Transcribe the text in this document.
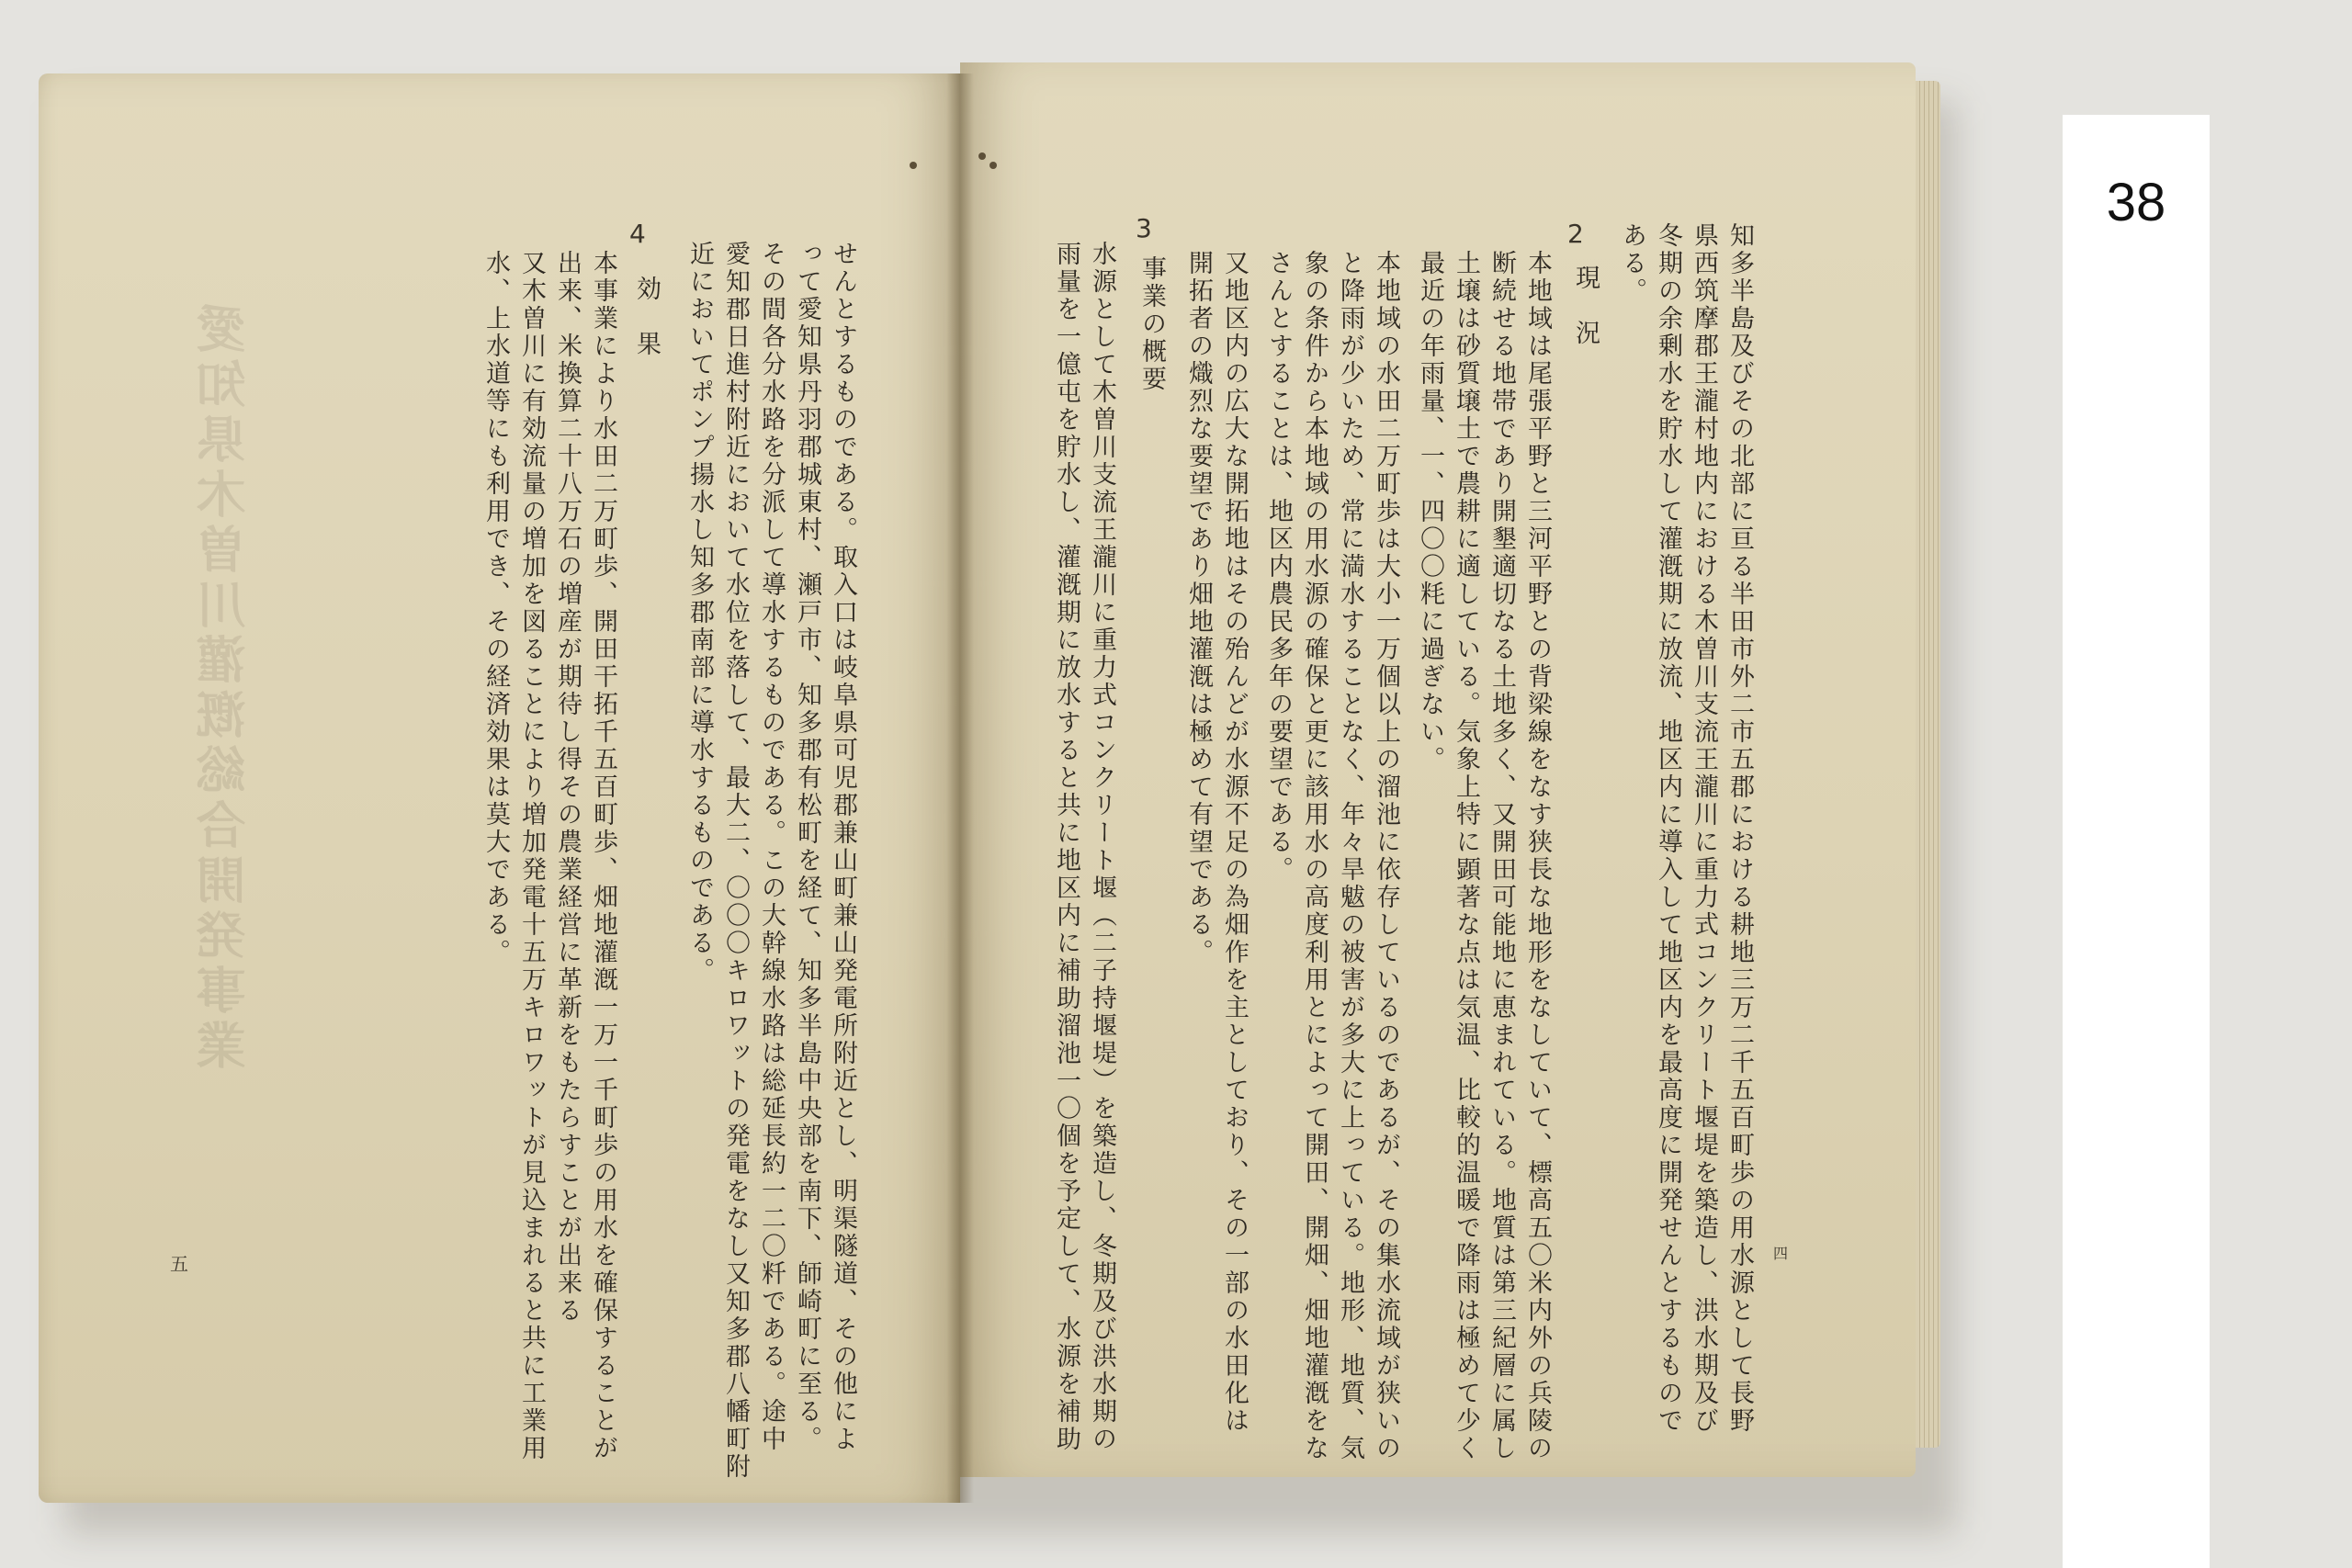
愛知県木曽川灌漑総合開発事業	知多半島及びその北部に亘る半田市外二市五郡における耕地三万二千五百町歩の用水源として長野
県西筑摩郡王瀧村地内における木曽川支流王瀧川に重力式コンクリート堰堤を築造し、洪水期及び
冬期の余剰水を貯水して灌漑期に放流、地区内に導入して地区内を最高度に開発せんとするもので
ある。
2
現　況
本地域は尾張平野と三河平野との背梁線をなす狭長な地形をなしていて、標高五〇米内外の兵陵の
断続せる地帯であり開墾適切なる土地多く、又開田可能地に恵まれている。地質は第三紀層に属し
土壌は砂質壌土で農耕に適している。気象上特に顕著な点は気温、比較的温暖で降雨は極めて少く
最近の年雨量、一、四〇〇粍に過ぎない。
本地域の水田二万町歩は大小一万個以上の溜池に依存しているのであるが、その集水流域が狭いの
と降雨が少いため、常に満水することなく、年々旱魃の被害が多大に上っている。地形、地質、気
象の条件から本地域の用水源の確保と更に該用水の高度利用とによって開田、開畑、畑地灌漑をな
さんとすることは、地区内農民多年の要望である。
又地区内の広大な開拓地はその殆んどが水源不足の為畑作を主としており、その一部の水田化は
開拓者の熾烈な要望であり畑地灌漑は極めて有望である。
3
事業の概要
水源として木曽川支流王瀧川に重力式コンクリート堰（二子持堰堤）を築造し、冬期及び洪水期の
雨量を一億屯を貯水し、灌漑期に放水すると共に地区内に補助溜池一〇個を予定して、水源を補助	四
せんとするものである。取入口は岐阜県可児郡兼山町兼山発電所附近とし、明渠隧道、その他によ
って愛知県丹羽郡城東村、瀬戸市、知多郡有松町を経て、知多半島中央部を南下、師崎町に至る。
その間各分水路を分派して導水するものである。この大幹線水路は総延長約一二〇粁である。途中
愛知郡日進村附近において水位を落して、最大二、〇〇〇キロワットの発電をなし又知多郡八幡町附
近においてポンプ揚水し知多郡南部に導水するものである。
4
効　果
本事業により水田二万町歩、開田干拓千五百町歩、畑地灌漑一万一千町歩の用水を確保することが
出来、米換算二十八万石の増産が期待し得その農業経営に革新をもたらすことが出来る
又木曽川に有効流量の増加を図ることにより増加発電十五万キロワットが見込まれると共に工業用
水、上水道等にも利用でき、その経済効果は莫大である。
五
38
